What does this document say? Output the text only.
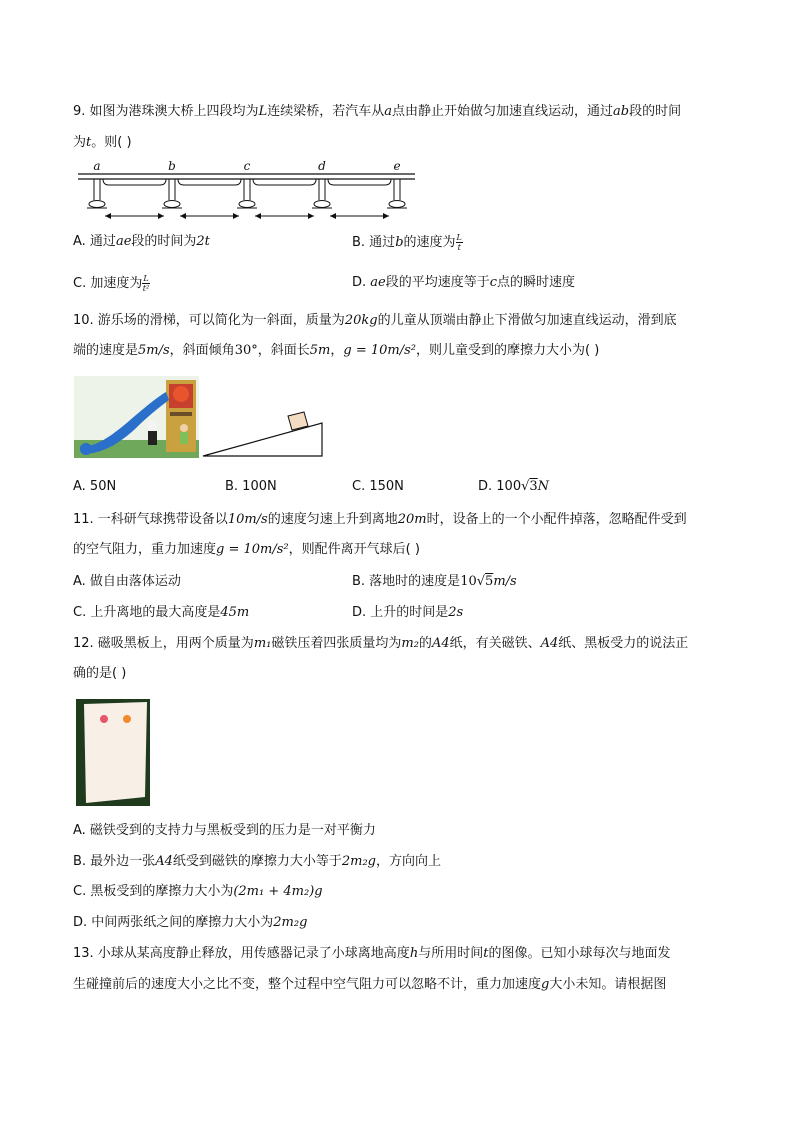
9. 如图为港珠澳大桥上四段均为L连续梁桥，若汽车从a点由静止开始做匀加速直线运动，通过ab段的时间
为t。则( )
a	b	c	d	e
A. 通过ae段的时间为2t	B. 通过b的速度为 $\frac{L}{t}$
C. 加速度为 $\frac{L}{\text{t²}}$	D. ae段的平均速度等于c点的瞬时速度
10. 游乐场的滑梯，可以简化为一斜面，质量为20kg的儿童从顶端由静止下滑做匀加速直线运动，滑到底
端的速度是5m/s，斜面倾角30°，斜面长5m，g = 10m/s²，则儿童受到的摩擦力大小为( )
A. 50N	B. 100N	C. 150N	D. 100√3N
11. 一科研气球携带设备以10m/s的速度匀速上升到离地20m时，设备上的一个小配件掉落，忽略配件受到
的空气阻力，重力加速度g = 10m/s²，则配件离开气球后( )
A. 做自由落体运动	B. 落地时的速度是10√5m/s
C. 上升离地的最大高度是45m	D. 上升的时间是2s
12. 磁吸黑板上，用两个质量为m₁磁铁压着四张质量均为m₂的A4纸，有关磁铁、A4纸、黑板受力的说法正
确的是( )
A. 磁铁受到的支持力与黑板受到的压力是一对平衡力
B. 最外边一张A4纸受到磁铁的摩擦力大小等于2m₂g，方向向上
C. 黑板受到的摩擦力大小为(2m₁ + 4m₂)g
D. 中间两张纸之间的摩擦力大小为2m₂g
13. 小球从某高度静止释放，用传感器记录了小球离地高度h与所用时间t的图像。已知小球每次与地面发
生碰撞前后的速度大小之比不变，整个过程中空气阻力可以忽略不计，重力加速度g大小未知。请根据图
